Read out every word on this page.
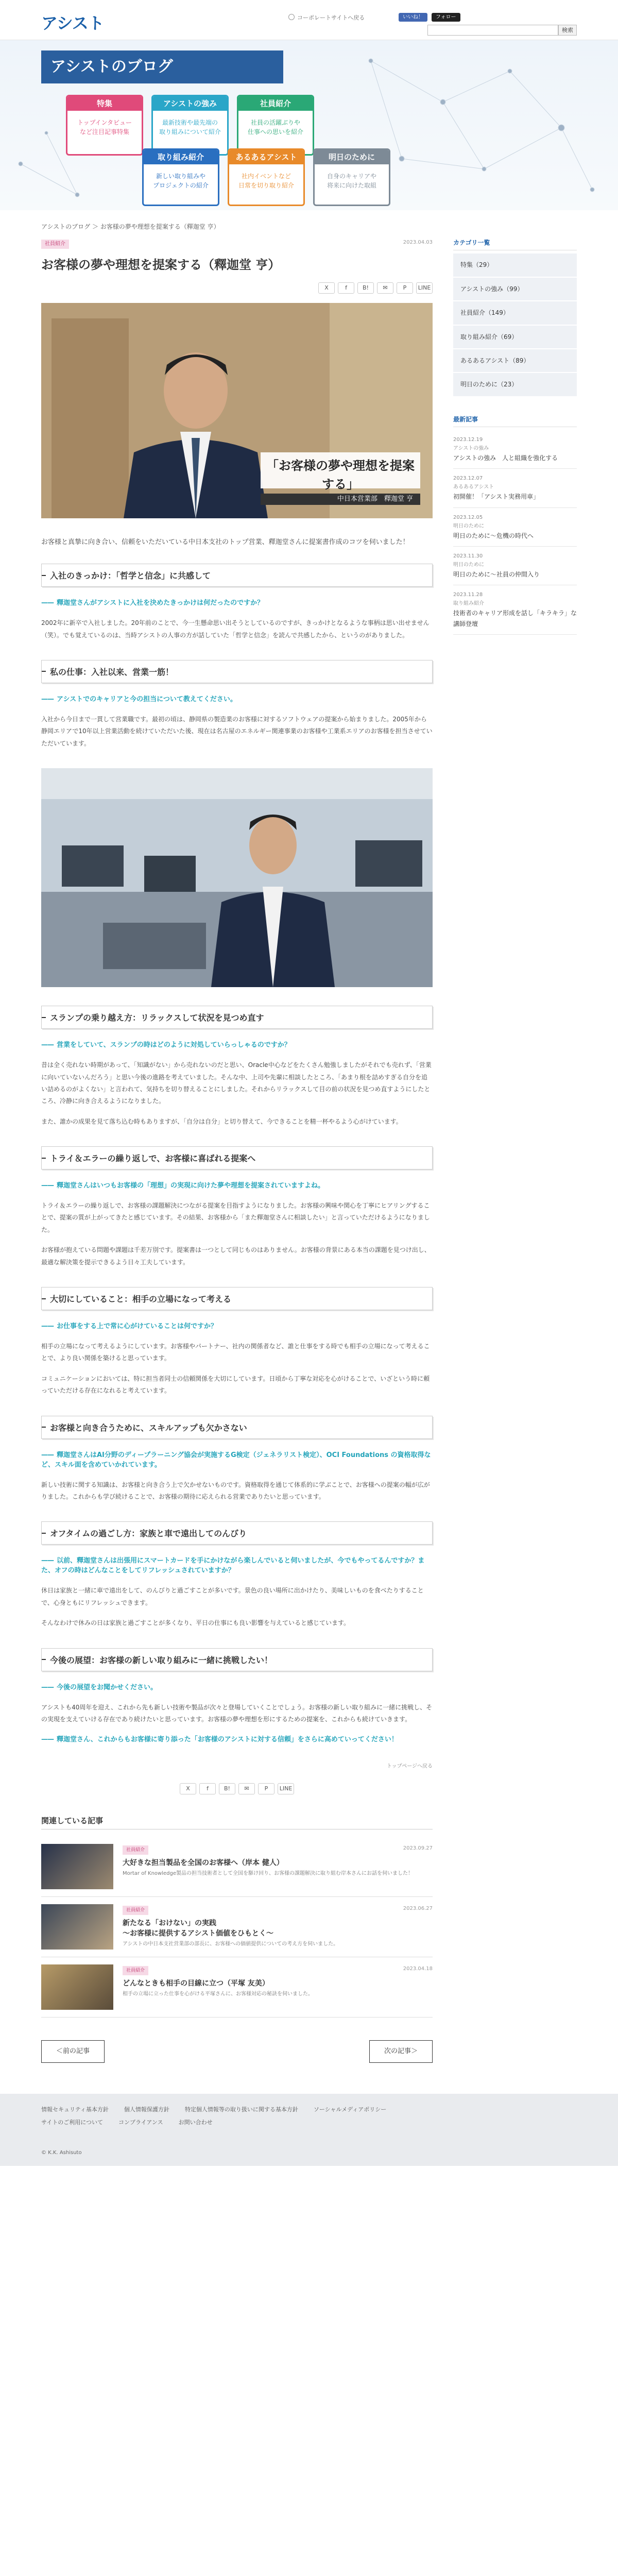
アシスト	コーポレートサイトへ戻る	いいね！	フォロー
検索
アシストのブログ
特集
トップインタビュー
など注目記事特集
アシストの強み
最新技術や最先端の
取り組みについて紹介
社員紹介
社員の活躍ぶりや
仕事への思いを紹介
取り組み紹介
新しい取り組みや
プロジェクトの紹介
あるあるアシスト
社内イベントなど
日常を切り取り紹介
明日のために
自身のキャリアや
将来に向けた取組
アシストのブログ ＞ お客様の夢や理想を提案する（釋迦堂 亨）
社員紹介	2023.04.03
お客様の夢や理想を提案する（釋迦堂 亨）
X	f	B!	✉	P	LINE
「お客様の夢や理想を提案する」
中日本営業部　釋迦堂 亨

お客様と真摯に向き合い、信頼をいただいている中日本支社のトップ営業、釋迦堂さんに提案書作成のコツを伺いました！

入社のきっかけ：「哲学と信念」に共感して

—— 釋迦堂さんがアシストに入社を決めたきっかけは何だったのですか？

2002年に新卒で入社しました。20年前のことで、今一生懸命思い出そうとしているのですが、きっかけとなるような事柄は思い出せません（笑）。でも覚えているのは、当時アシストの人事の方が話していた「哲学と信念」を読んで共感したから、というのがありました。

私の仕事：入社以来、営業一筋！

—— アシストでのキャリアと今の担当について教えてください。

入社から今日まで一貫して営業職です。最初の頃は、静岡県の製造業のお客様に対するソフトウェアの提案から始まりました。2005年から静岡エリアで10年以上営業活動を続けていただいた後、現在は名古屋のエネルギー関連事業のお客様や工業系エリアのお客様を担当させていただいています。

スランプの乗り越え方：リラックスして状況を見つめ直す

—— 営業をしていて、スランプの時はどのように対処していらっしゃるのですか？

昔は全く売れない時期があって、「知識がない」から売れないのだと思い、Oracle中心などをたくさん勉強しましたがそれでも売れず、「営業に向いていないんだろう」と思い今後の進路を考えていました。そんな中、上司や先輩に相談したところ、「あまり根を詰めすぎる自分を追い詰めるのがよくない」と言われて、気持ちを切り替えることにしました。それからリラックスして目の前の状況を見つめ直すようにしたところ、冷静に向き合えるようになりました。

また、誰かの成果を見て落ち込む時もありますが、「自分は自分」と切り替えて、今できることを精一杯やるよう心がけています。

トライ＆エラーの繰り返しで、お客様に喜ばれる提案へ

—— 釋迦堂さんはいつもお客様の「理想」の実現に向けた夢や理想を提案されていますよね。

トライ＆エラーの繰り返しで、お客様の課題解決につながる提案を目指すようになりました。お客様の興味や関心を丁寧にヒアリングすることで、提案の質が上がってきたと感じています。その結果、お客様から「また釋迦堂さんに相談したい」と言っていただけるようになりました。

お客様が抱えている問題や課題は千差万別です。提案書は一つとして同じものはありません。お客様の背景にある本当の課題を見つけ出し、最適な解決策を提示できるよう日々工夫しています。

大切にしていること：相手の立場になって考える

—— お仕事をする上で常に心がけていることは何ですか？

相手の立場になって考えるようにしています。お客様やパートナー、社内の関係者など、誰と仕事をする時でも相手の立場になって考えることで、より良い関係を築けると思っています。

コミュニケーションにおいては、特に担当者同士の信頼関係を大切にしています。日頃から丁寧な対応を心がけることで、いざという時に頼っていただける存在になれると考えています。

お客様と向き合うために、スキルアップも欠かさない

—— 釋迦堂さんはAI分野のディープラーニング協会が実施するG検定（ジェネラリスト検定）、OCI Foundations の資格取得など、スキル面を含めていかれています。

新しい技術に関する知識は、お客様と向き合う上で欠かせないものです。資格取得を通じて体系的に学ぶことで、お客様への提案の幅が広がりました。これからも学び続けることで、お客様の期待に応えられる営業でありたいと思っています。

オフタイムの過ごし方：家族と車で遠出してのんびり

—— 以前、釋迦堂さんは出張用にスマートカードを手にかけながら楽しんでいると伺いましたが、今でもやってるんですか？また、オフの時はどんなことをしてリフレッシュされていますか？

休日は家族と一緒に車で遠出をして、のんびりと過ごすことが多いです。景色の良い場所に出かけたり、美味しいものを食べたりすることで、心身ともにリフレッシュできます。

そんなわけで休みの日は家族と過ごすことが多くなり、平日の仕事にも良い影響を与えていると感じています。

今後の展望：お客様の新しい取り組みに一緒に挑戦したい！

—— 今後の展望をお聞かせください。

アシストも40周年を迎え、これから先も新しい技術や製品が次々と登場していくことでしょう。お客様の新しい取り組みに一緒に挑戦し、その実現を支えていける存在であり続けたいと思っています。お客様の夢や理想を形にするための提案を、これからも続けていきます。

—— 釋迦堂さん、これからもお客様に寄り添った「お客様のアシストに対する信頼」をさらに高めていってください！

トップページへ戻る
X	f	B!	✉	P	LINE
関連している記事
社員紹介	2023.09.27
大好きな担当製品を全国のお客様へ（岸本 健人）
Mortar of Knowledge製品の担当技術者として全国を駆け回り、お客様の課題解決に取り組む岸本さんにお話を伺いました！
社員紹介	2023.06.27
新たなる「おけない」の実践
〜お客様に提供するアシスト価値をひもとく〜
アシストの中日本支社営業部の部長に、お客様への価値提供についての考え方を伺いました。
社員紹介	2023.04.18
どんなときも相手の目線に立つ（平塚 友美）
相手の立場に立った仕事を心がける平塚さんに、お客様対応の秘訣を伺いました。
＜前の記事	次の記事＞
カテゴリ一覧
特集（29）
アシストの強み（99）
社員紹介（149）
取り組み紹介（69）
あるあるアシスト（89）
明日のために（23）
最新記事
2023.12.19
アシストの強み
アシストの強み　人と組織を強化する
2023.12.07
あるあるアシスト
初開催！「アシスト実務用車」
2023.12.05
明日のために
明日のために〜危機の時代へ
2023.11.30
明日のために
明日のために〜社員の仲間入り
2023.11.28
取り組み紹介
技術者のキャリア形成を話し「キラキラ」な講師登壇
情報セキュリティ基本方針	個人情報保護方針	特定個人情報等の取り扱いに関する基本方針	ソーシャルメディアポリシー
サイトのご利用について	コンプライアンス	お問い合わせ
© K.K. Ashisuto
